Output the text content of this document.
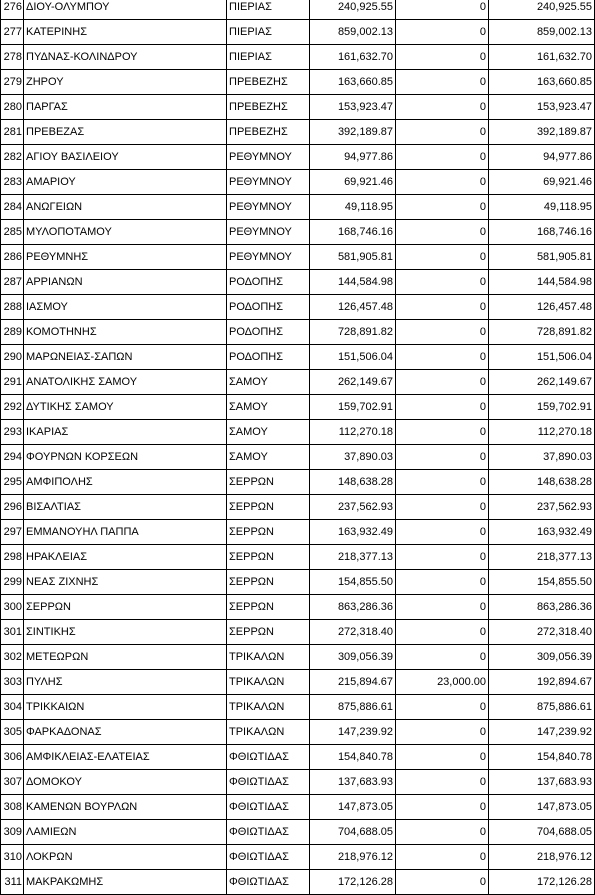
276	ΔΙΟΥ-ΟΛΥΜΠΟΥ	ΠΙΕΡΙΑΣ	240,925.55	0	240,925.55
277	ΚΑΤΕΡΙΝΗΣ	ΠΙΕΡΙΑΣ	859,002.13	0	859,002.13
278	ΠΥΔΝΑΣ-ΚΟΛΙΝΔΡΟΥ	ΠΙΕΡΙΑΣ	161,632.70	0	161,632.70
279	ΖΗΡΟΥ	ΠΡΕΒΕΖΗΣ	163,660.85	0	163,660.85
280	ΠΑΡΓΑΣ	ΠΡΕΒΕΖΗΣ	153,923.47	0	153,923.47
281	ΠΡΕΒΕΖΑΣ	ΠΡΕΒΕΖΗΣ	392,189.87	0	392,189.87
282	ΑΓΙΟΥ ΒΑΣΙΛΕΙΟΥ	ΡΕΘΥΜΝΟΥ	94,977.86	0	94,977.86
283	ΑΜΑΡΙΟΥ	ΡΕΘΥΜΝΟΥ	69,921.46	0	69,921.46
284	ΑΝΩΓΕΙΩΝ	ΡΕΘΥΜΝΟΥ	49,118.95	0	49,118.95
285	ΜΥΛΟΠΟΤΑΜΟΥ	ΡΕΘΥΜΝΟΥ	168,746.16	0	168,746.16
286	ΡΕΘΥΜΝΗΣ	ΡΕΘΥΜΝΟΥ	581,905.81	0	581,905.81
287	ΑΡΡΙΑΝΩΝ	ΡΟΔΟΠΗΣ	144,584.98	0	144,584.98
288	ΙΑΣΜΟΥ	ΡΟΔΟΠΗΣ	126,457.48	0	126,457.48
289	ΚΟΜΟΤΗΝΗΣ	ΡΟΔΟΠΗΣ	728,891.82	0	728,891.82
290	ΜΑΡΩΝΕΙΑΣ-ΣΑΠΩΝ	ΡΟΔΟΠΗΣ	151,506.04	0	151,506.04
291	ΑΝΑΤΟΛΙΚΗΣ ΣΑΜΟΥ	ΣΑΜΟΥ	262,149.67	0	262,149.67
292	ΔΥΤΙΚΗΣ ΣΑΜΟΥ	ΣΑΜΟΥ	159,702.91	0	159,702.91
293	ΙΚΑΡΙΑΣ	ΣΑΜΟΥ	112,270.18	0	112,270.18
294	ΦΟΥΡΝΩΝ ΚΟΡΣΕΩΝ	ΣΑΜΟΥ	37,890.03	0	37,890.03
295	ΑΜΦΙΠΟΛΗΣ	ΣΕΡΡΩΝ	148,638.28	0	148,638.28
296	ΒΙΣΑΛΤΙΑΣ	ΣΕΡΡΩΝ	237,562.93	0	237,562.93
297	ΕΜΜΑΝΟΥΗΛ ΠΑΠΠΑ	ΣΕΡΡΩΝ	163,932.49	0	163,932.49
298	ΗΡΑΚΛΕΙΑΣ	ΣΕΡΡΩΝ	218,377.13	0	218,377.13
299	ΝΕΑΣ ΖΙΧΝΗΣ	ΣΕΡΡΩΝ	154,855.50	0	154,855.50
300	ΣΕΡΡΩΝ	ΣΕΡΡΩΝ	863,286.36	0	863,286.36
301	ΣΙΝΤΙΚΗΣ	ΣΕΡΡΩΝ	272,318.40	0	272,318.40
302	ΜΕΤΕΩΡΩΝ	ΤΡΙΚΑΛΩΝ	309,056.39	0	309,056.39
303	ΠΥΛΗΣ	ΤΡΙΚΑΛΩΝ	215,894.67	23,000.00	192,894.67
304	ΤΡΙΚΚΑΙΩΝ	ΤΡΙΚΑΛΩΝ	875,886.61	0	875,886.61
305	ΦΑΡΚΑΔΟΝΑΣ	ΤΡΙΚΑΛΩΝ	147,239.92	0	147,239.92
306	ΑΜΦΙΚΛΕΙΑΣ-ΕΛΑΤΕΙΑΣ	ΦΘΙΩΤΙΔΑΣ	154,840.78	0	154,840.78
307	ΔΟΜΟΚΟΥ	ΦΘΙΩΤΙΔΑΣ	137,683.93	0	137,683.93
308	ΚΑΜΕΝΩΝ ΒΟΥΡΛΩΝ	ΦΘΙΩΤΙΔΑΣ	147,873.05	0	147,873.05
309	ΛΑΜΙΕΩΝ	ΦΘΙΩΤΙΔΑΣ	704,688.05	0	704,688.05
310	ΛΟΚΡΩΝ	ΦΘΙΩΤΙΔΑΣ	218,976.12	0	218,976.12
311	ΜΑΚΡΑΚΩΜΗΣ	ΦΘΙΩΤΙΔΑΣ	172,126.28	0	172,126.28
